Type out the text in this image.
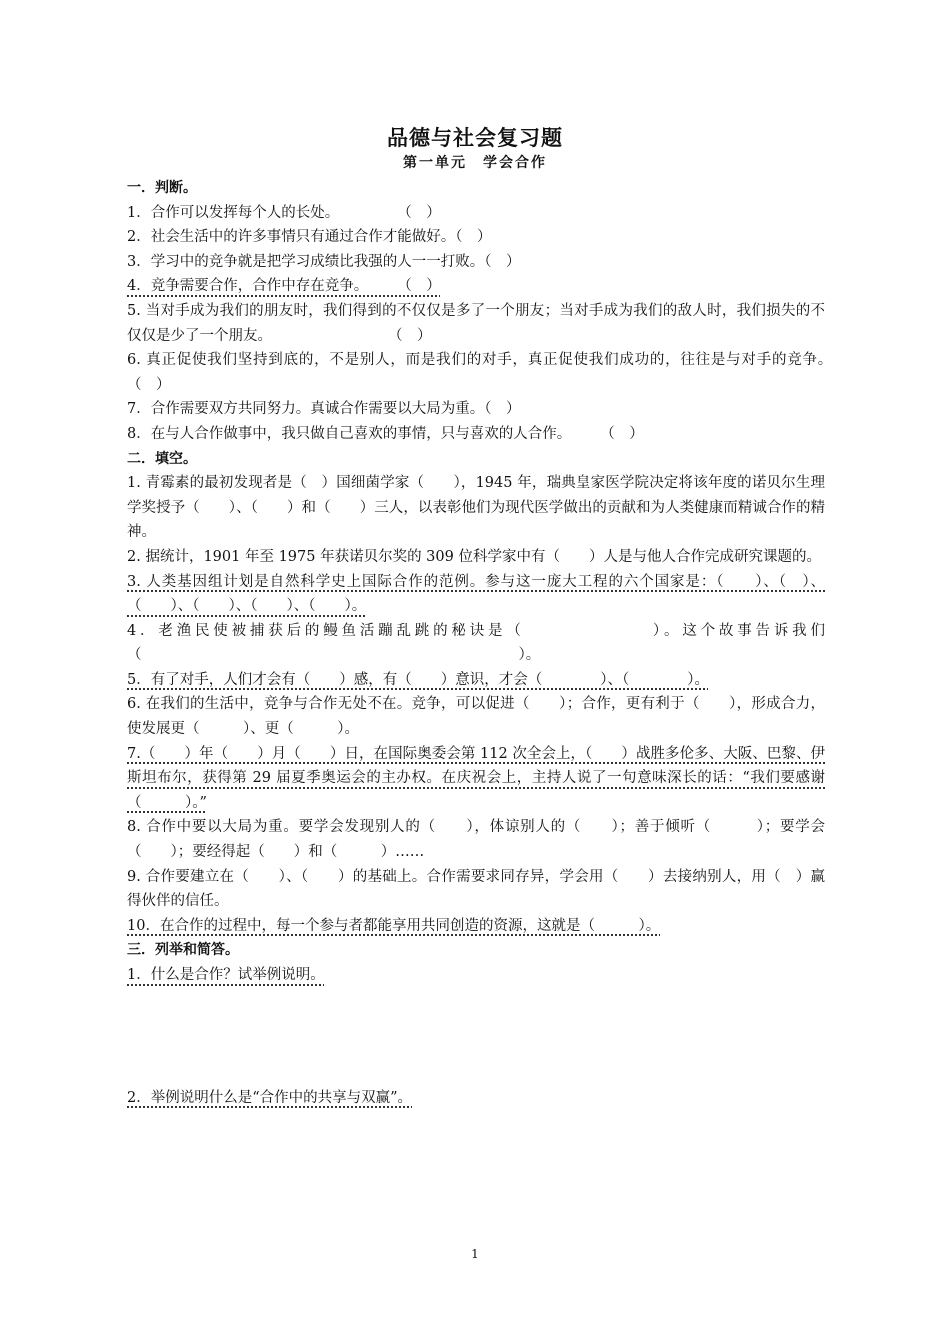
品德与社会复习题
第一单元　学会合作
一．判断。
1．合作可以发挥每个人的长处。　　　　　（　）
2．社会生活中的许多事情只有通过合作才能做好。（　）
3．学习中的竞争就是把学习成绩比我强的人一一打败。（　）
4．竞争需要合作，合作中存在竞争。　　　（　）
5. 当对手成为我们的朋友时，我们得到的不仅仅是多了一个朋友；当对手成为我们的敌人时，我们损失的不仅仅是少了一个朋友。　　　　　　　　　（　）
6. 真正促使我们坚持到底的，不是别人，而是我们的对手，真正促使我们成功的，往往是与对手的竞争。　（　）
7．合作需要双方共同努力。真诚合作需要以大局为重。（　）
8．在与人合作做事中，我只做自己喜欢的事情，只与喜欢的人合作。　　　（　）
二．填空。
1. 青霉素的最初发现者是（　）国细菌学家（　　），1945 年，瑞典皇家医学院决定将该年度的诺贝尔生理学奖授予（　　）、（　　）和（　　）三人，以表彰他们为现代医学做出的贡献和为人类健康而精诚合作的精神。
2. 据统计，1901 年至 1975 年获诺贝尔奖的 309 位科学家中有（　　）人是与他人合作完成研究课题的。
3. 人类基因组计划是自然科学史上国际合作的范例。参与这一庞大工程的六个国家是：（　　）、（　）、（　　）、（　　）、（　　）、（　　）。
4．老渔民使被捕获后的鳗鱼活蹦乱跳的秘诀是（　　　　　　　）。这个故事告诉我们（　　　　　　　　　　　　　　　　　　　　　　　　　　）。
5．有了对手，人们才会有（　　）感，有（　　）意识，才会（　　　　）、（　　　　）。
6. 在我们的生活中，竞争与合作无处不在。竞争，可以促进（　　）；合作，更有利于（　　），形成合力，使发展更（　　　）、更（　　　）。
7.（　　）年（　　）月（　　）日，在国际奥委会第 112 次全会上，（　　）战胜多伦多、大阪、巴黎、伊斯坦布尔，获得第 29 届夏季奥运会的主办权。在庆祝会上，主持人说了一句意味深长的话：“我们要感谢（　　　）。”
8. 合作中要以大局为重。要学会发现别人的（　　），体谅别人的（　　）；善于倾听（　　　）；要学会（　　）；要经得起（　　）和（　　　）……
9. 合作要建立在（　　）、（　　）的基础上。合作需要求同存异，学会用（　　）去接纳别人，用（　）赢得伙伴的信任。
10．在合作的过程中，每一个参与者都能享用共同创造的资源，这就是（　　　）。
三．列举和简答。
1．什么是合作？试举例说明。
2．举例说明什么是“合作中的共享与双赢”。
1
